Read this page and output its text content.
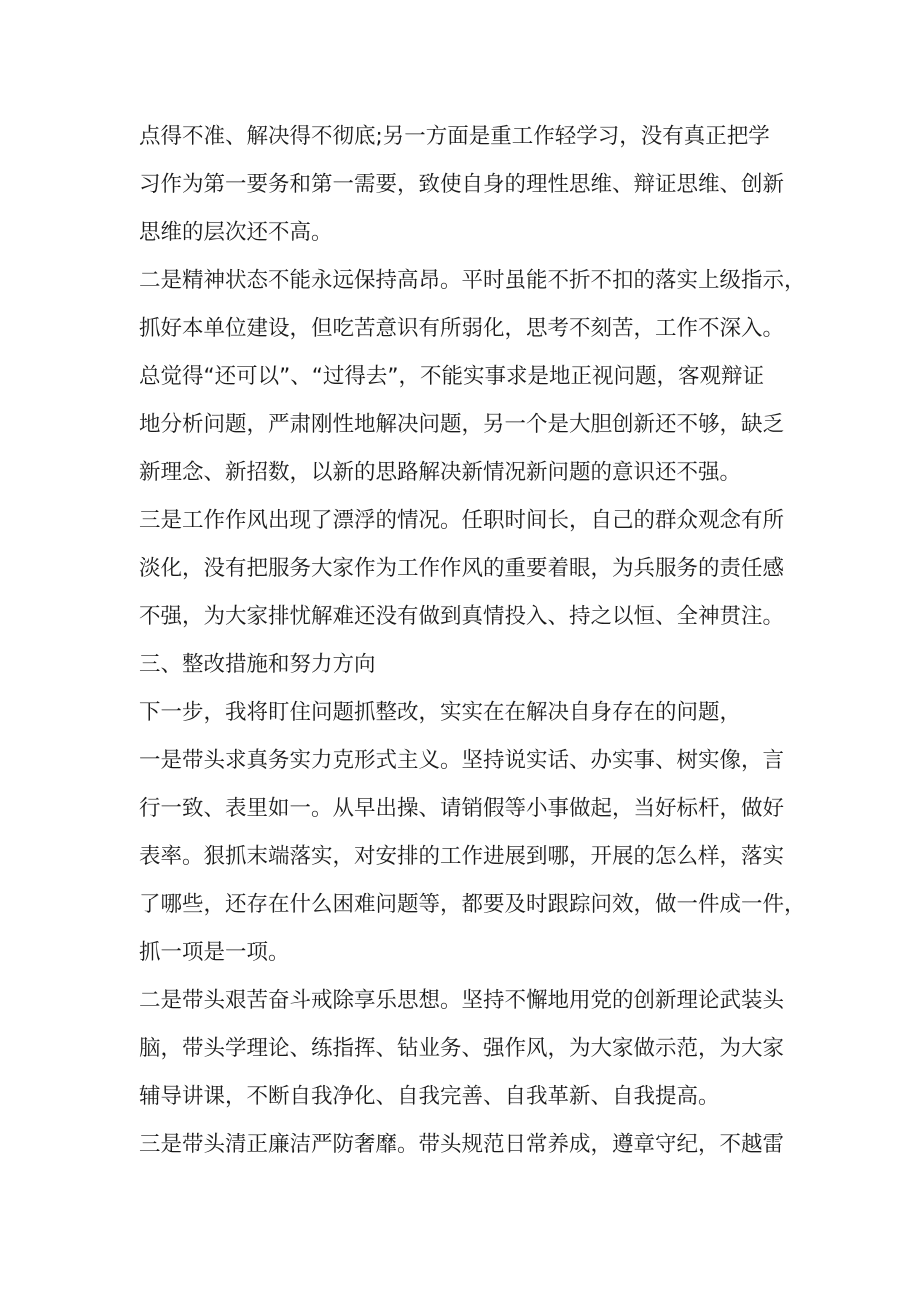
点得不准、解决得不彻底;另一方面是重工作轻学习，没有真正把学
习作为第一要务和第一需要，致使自身的理性思维、辩证思维、创新
思维的层次还不高。
二是精神状态不能永远保持高昂。平时虽能不折不扣的落实上级指示，
抓好本单位建设，但吃苦意识有所弱化，思考不刻苦，工作不深入。
总觉得“还可以”、“过得去”，不能实事求是地正视问题，客观辩证
地分析问题，严肃刚性地解决问题，另一个是大胆创新还不够，缺乏
新理念、新招数，以新的思路解决新情况新问题的意识还不强。
三是工作作风出现了漂浮的情况。任职时间长，自己的群众观念有所
淡化，没有把服务大家作为工作作风的重要着眼，为兵服务的责任感
不强，为大家排忧解难还没有做到真情投入、持之以恒、全神贯注。
三、整改措施和努力方向
下一步，我将盯住问题抓整改，实实在在解决自身存在的问题，
一是带头求真务实力克形式主义。坚持说实话、办实事、树实像，言
行一致、表里如一。从早出操、请销假等小事做起，当好标杆，做好
表率。狠抓末端落实，对安排的工作进展到哪，开展的怎么样，落实
了哪些，还存在什么困难问题等，都要及时跟踪问效，做一件成一件，
抓一项是一项。
二是带头艰苦奋斗戒除享乐思想。坚持不懈地用党的创新理论武装头
脑，带头学理论、练指挥、钻业务、强作风，为大家做示范，为大家
辅导讲课，不断自我净化、自我完善、自我革新、自我提高。
三是带头清正廉洁严防奢靡。带头规范日常养成，遵章守纪，不越雷
